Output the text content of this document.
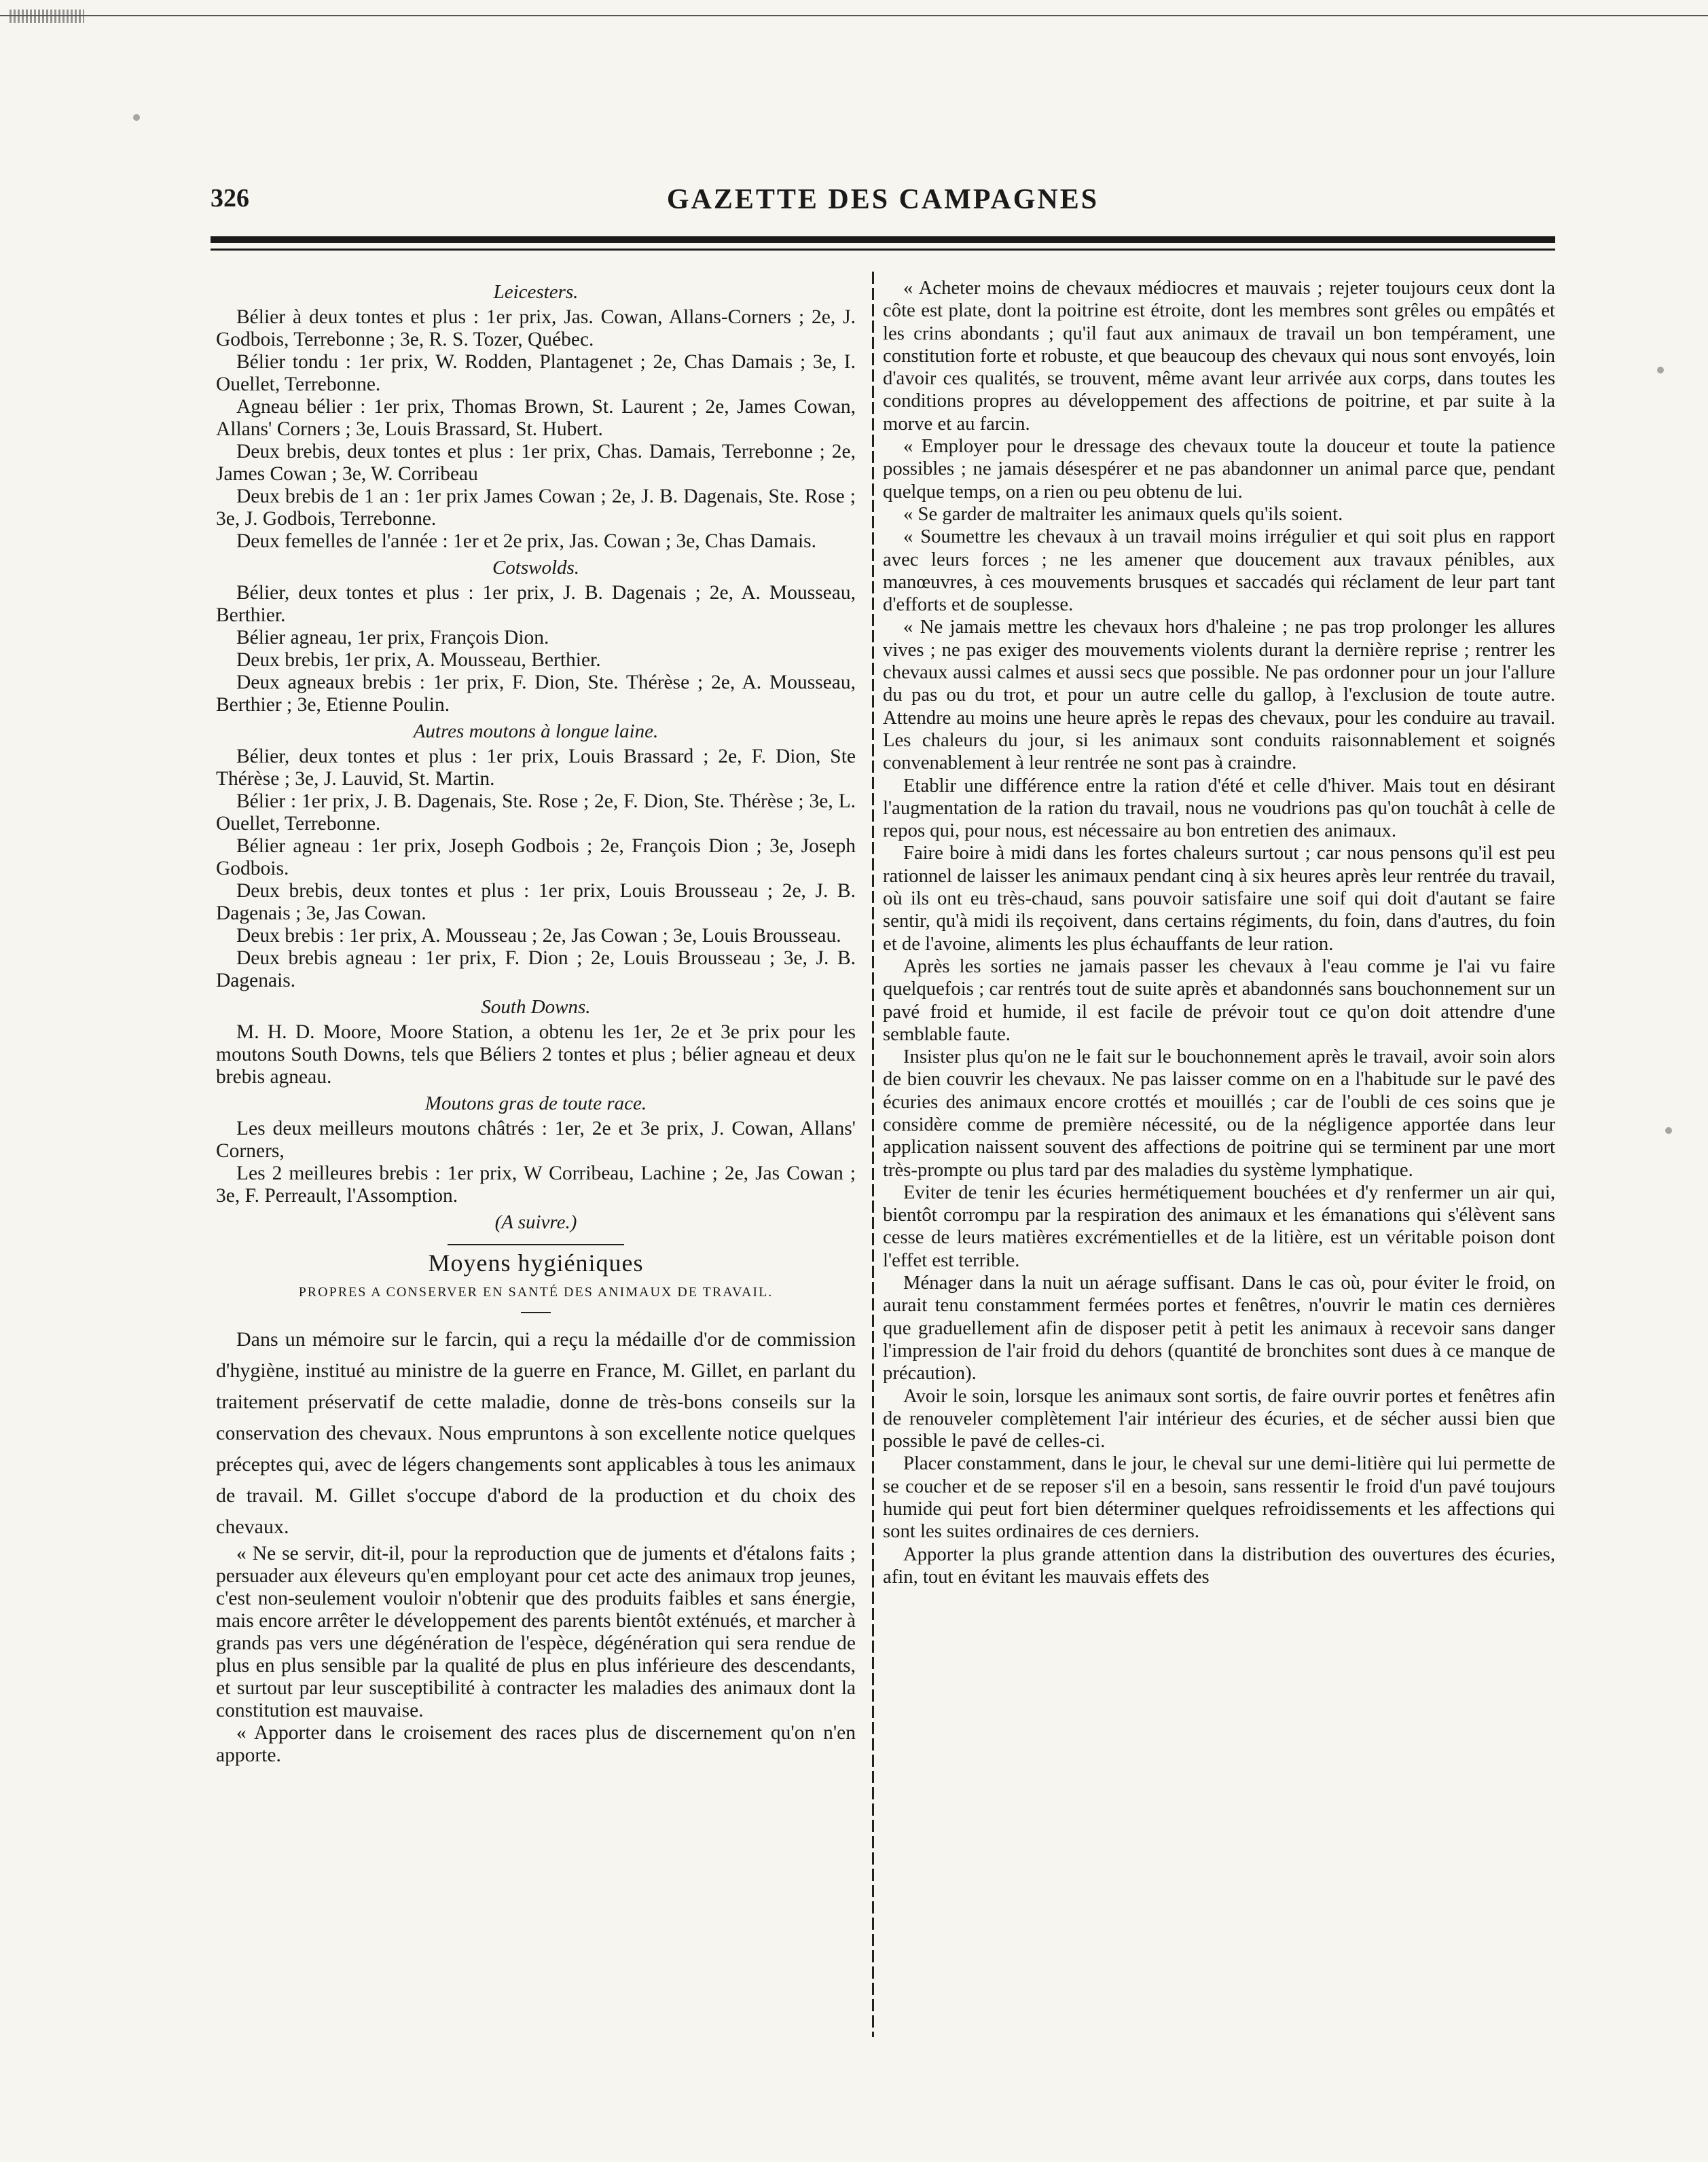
326	GAZETTE DES CAMPAGNES
Leicesters.

Bélier à deux tontes et plus : 1er prix, Jas. Cowan, Allans-Corners ; 2e, J. Godbois, Terrebonne ; 3e, R. S. Tozer, Québec.

Bélier tondu : 1er prix, W. Rodden, Plantagenet ; 2e, Chas Damais ; 3e, I. Ouellet, Terrebonne.

Agneau bélier : 1er prix, Thomas Brown, St. Laurent ; 2e, James Cowan, Allans' Corners ; 3e, Louis Brassard, St. Hubert.

Deux brebis, deux tontes et plus : 1er prix, Chas. Damais, Terrebonne ; 2e, James Cowan ; 3e, W. Corribeau

Deux brebis de 1 an : 1er prix James Cowan ; 2e, J. B. Dagenais, Ste. Rose ; 3e, J. Godbois, Terrebonne.

Deux femelles de l'année : 1er et 2e prix, Jas. Cowan ; 3e, Chas Damais.

Cotswolds.

Bélier, deux tontes et plus : 1er prix, J. B. Dagenais ; 2e, A. Mousseau, Berthier.

Bélier agneau, 1er prix, François Dion.

Deux brebis, 1er prix, A. Mousseau, Berthier.

Deux agneaux brebis : 1er prix, F. Dion, Ste. Thérèse ; 2e, A. Mousseau, Berthier ; 3e, Etienne Poulin.

Autres moutons à longue laine.

Bélier, deux tontes et plus : 1er prix, Louis Brassard ; 2e, F. Dion, Ste Thérèse ; 3e, J. Lauvid, St. Martin.

Bélier : 1er prix, J. B. Dagenais, Ste. Rose ; 2e, F. Dion, Ste. Thérèse ; 3e, L. Ouellet, Terrebonne.

Bélier agneau : 1er prix, Joseph Godbois ; 2e, François Dion ; 3e, Joseph Godbois.

Deux brebis, deux tontes et plus : 1er prix, Louis Brousseau ; 2e, J. B. Dagenais ; 3e, Jas Cowan.

Deux brebis : 1er prix, A. Mousseau ; 2e, Jas Cowan ; 3e, Louis Brousseau.

Deux brebis agneau : 1er prix, F. Dion ; 2e, Louis Brousseau ; 3e, J. B. Dagenais.

South Downs.

M. H. D. Moore, Moore Station, a obtenu les 1er, 2e et 3e prix pour les moutons South Downs, tels que Béliers 2 tontes et plus ; bélier agneau et deux brebis agneau.

Moutons gras de toute race.

Les deux meilleurs moutons châtrés : 1er, 2e et 3e prix, J. Cowan, Allans' Corners,

Les 2 meilleures brebis : 1er prix, W Corribeau, Lachine ; 2e, Jas Cowan ; 3e, F. Perreault, l'Assomption.

(A suivre.)
Moyens hygiéniques
PROPRES A CONSERVER EN SANTÉ DES ANIMAUX DE TRAVAIL.

Dans un mémoire sur le farcin, qui a reçu la médaille d'or de commission d'hygiène, institué au ministre de la guerre en France, M. Gillet, en parlant du traitement préservatif de cette maladie, donne de très-bons conseils sur la conservation des chevaux. Nous empruntons à son excellente notice quelques préceptes qui, avec de légers changements sont applicables à tous les animaux de travail. M. Gillet s'occupe d'abord de la production et du choix des chevaux.

« Ne se servir, dit-il, pour la reproduction que de juments et d'étalons faits ; persuader aux éleveurs qu'en employant pour cet acte des animaux trop jeunes, c'est non-seulement vouloir n'obtenir que des produits faibles et sans énergie, mais encore arrêter le développement des parents bientôt exténués, et marcher à grands pas vers une dégénération de l'espèce, dégénération qui sera rendue de plus en plus sensible par la qualité de plus en plus inférieure des descendants, et surtout par leur susceptibilité à contracter les maladies des animaux dont la constitution est mauvaise.

« Apporter dans le croisement des races plus de discernement qu'on n'en apporte.

« Acheter moins de chevaux médiocres et mauvais ; rejeter toujours ceux dont la côte est plate, dont la poitrine est étroite, dont les membres sont grêles ou empâtés et les crins abondants ; qu'il faut aux animaux de travail un bon tempérament, une constitution forte et robuste, et que beaucoup des chevaux qui nous sont envoyés, loin d'avoir ces qualités, se trouvent, même avant leur arrivée aux corps, dans toutes les conditions propres au développement des affections de poitrine, et par suite à la morve et au farcin.

« Employer pour le dressage des chevaux toute la douceur et toute la patience possibles ; ne jamais désespérer et ne pas abandonner un animal parce que, pendant quelque temps, on a rien ou peu obtenu de lui.

« Se garder de maltraiter les animaux quels qu'ils soient.

« Soumettre les chevaux à un travail moins irrégulier et qui soit plus en rapport avec leurs forces ; ne les amener que doucement aux travaux pénibles, aux manœuvres, à ces mouvements brusques et saccadés qui réclament de leur part tant d'efforts et de souplesse.

« Ne jamais mettre les chevaux hors d'haleine ; ne pas trop prolonger les allures vives ; ne pas exiger des mouvements violents durant la dernière reprise ; rentrer les chevaux aussi calmes et aussi secs que possible. Ne pas ordonner pour un jour l'allure du pas ou du trot, et pour un autre celle du gallop, à l'exclusion de toute autre. Attendre au moins une heure après le repas des chevaux, pour les conduire au travail. Les chaleurs du jour, si les animaux sont conduits raisonnablement et soignés convenablement à leur rentrée ne sont pas à craindre.

Etablir une différence entre la ration d'été et celle d'hiver. Mais tout en désirant l'augmentation de la ration du travail, nous ne voudrions pas qu'on touchât à celle de repos qui, pour nous, est nécessaire au bon entretien des animaux.

Faire boire à midi dans les fortes chaleurs surtout ; car nous pensons qu'il est peu rationnel de laisser les animaux pendant cinq à six heures après leur rentrée du travail, où ils ont eu très-chaud, sans pouvoir satisfaire une soif qui doit d'autant se faire sentir, qu'à midi ils reçoivent, dans certains régiments, du foin, dans d'autres, du foin et de l'avoine, aliments les plus échauffants de leur ration.

Après les sorties ne jamais passer les chevaux à l'eau comme je l'ai vu faire quelquefois ; car rentrés tout de suite après et abandonnés sans bouchonnement sur un pavé froid et humide, il est facile de prévoir tout ce qu'on doit attendre d'une semblable faute.

Insister plus qu'on ne le fait sur le bouchonnement après le travail, avoir soin alors de bien couvrir les chevaux. Ne pas laisser comme on en a l'habitude sur le pavé des écuries des animaux encore crottés et mouillés ; car de l'oubli de ces soins que je considère comme de première nécessité, ou de la négligence apportée dans leur application naissent souvent des affections de poitrine qui se terminent par une mort très-prompte ou plus tard par des maladies du système lymphatique.

Eviter de tenir les écuries hermétiquement bouchées et d'y renfermer un air qui, bientôt corrompu par la respiration des animaux et les émanations qui s'élèvent sans cesse de leurs matières excrémentielles et de la litière, est un véritable poison dont l'effet est terrible.

Ménager dans la nuit un aérage suffisant. Dans le cas où, pour éviter le froid, on aurait tenu constamment fermées portes et fenêtres, n'ouvrir le matin ces dernières que graduellement afin de disposer petit à petit les animaux à recevoir sans danger l'impression de l'air froid du dehors (quantité de bronchites sont dues à ce manque de précaution).

Avoir le soin, lorsque les animaux sont sortis, de faire ouvrir portes et fenêtres afin de renouveler complètement l'air intérieur des écuries, et de sécher aussi bien que possible le pavé de celles-ci.

Placer constamment, dans le jour, le cheval sur une demi-litière qui lui permette de se coucher et de se reposer s'il en a besoin, sans ressentir le froid d'un pavé toujours humide qui peut fort bien déterminer quelques refroidissements et les affections qui sont les suites ordinaires de ces derniers.

Apporter la plus grande attention dans la distribution des ouvertures des écuries, afin, tout en évitant les mauvais effets des
